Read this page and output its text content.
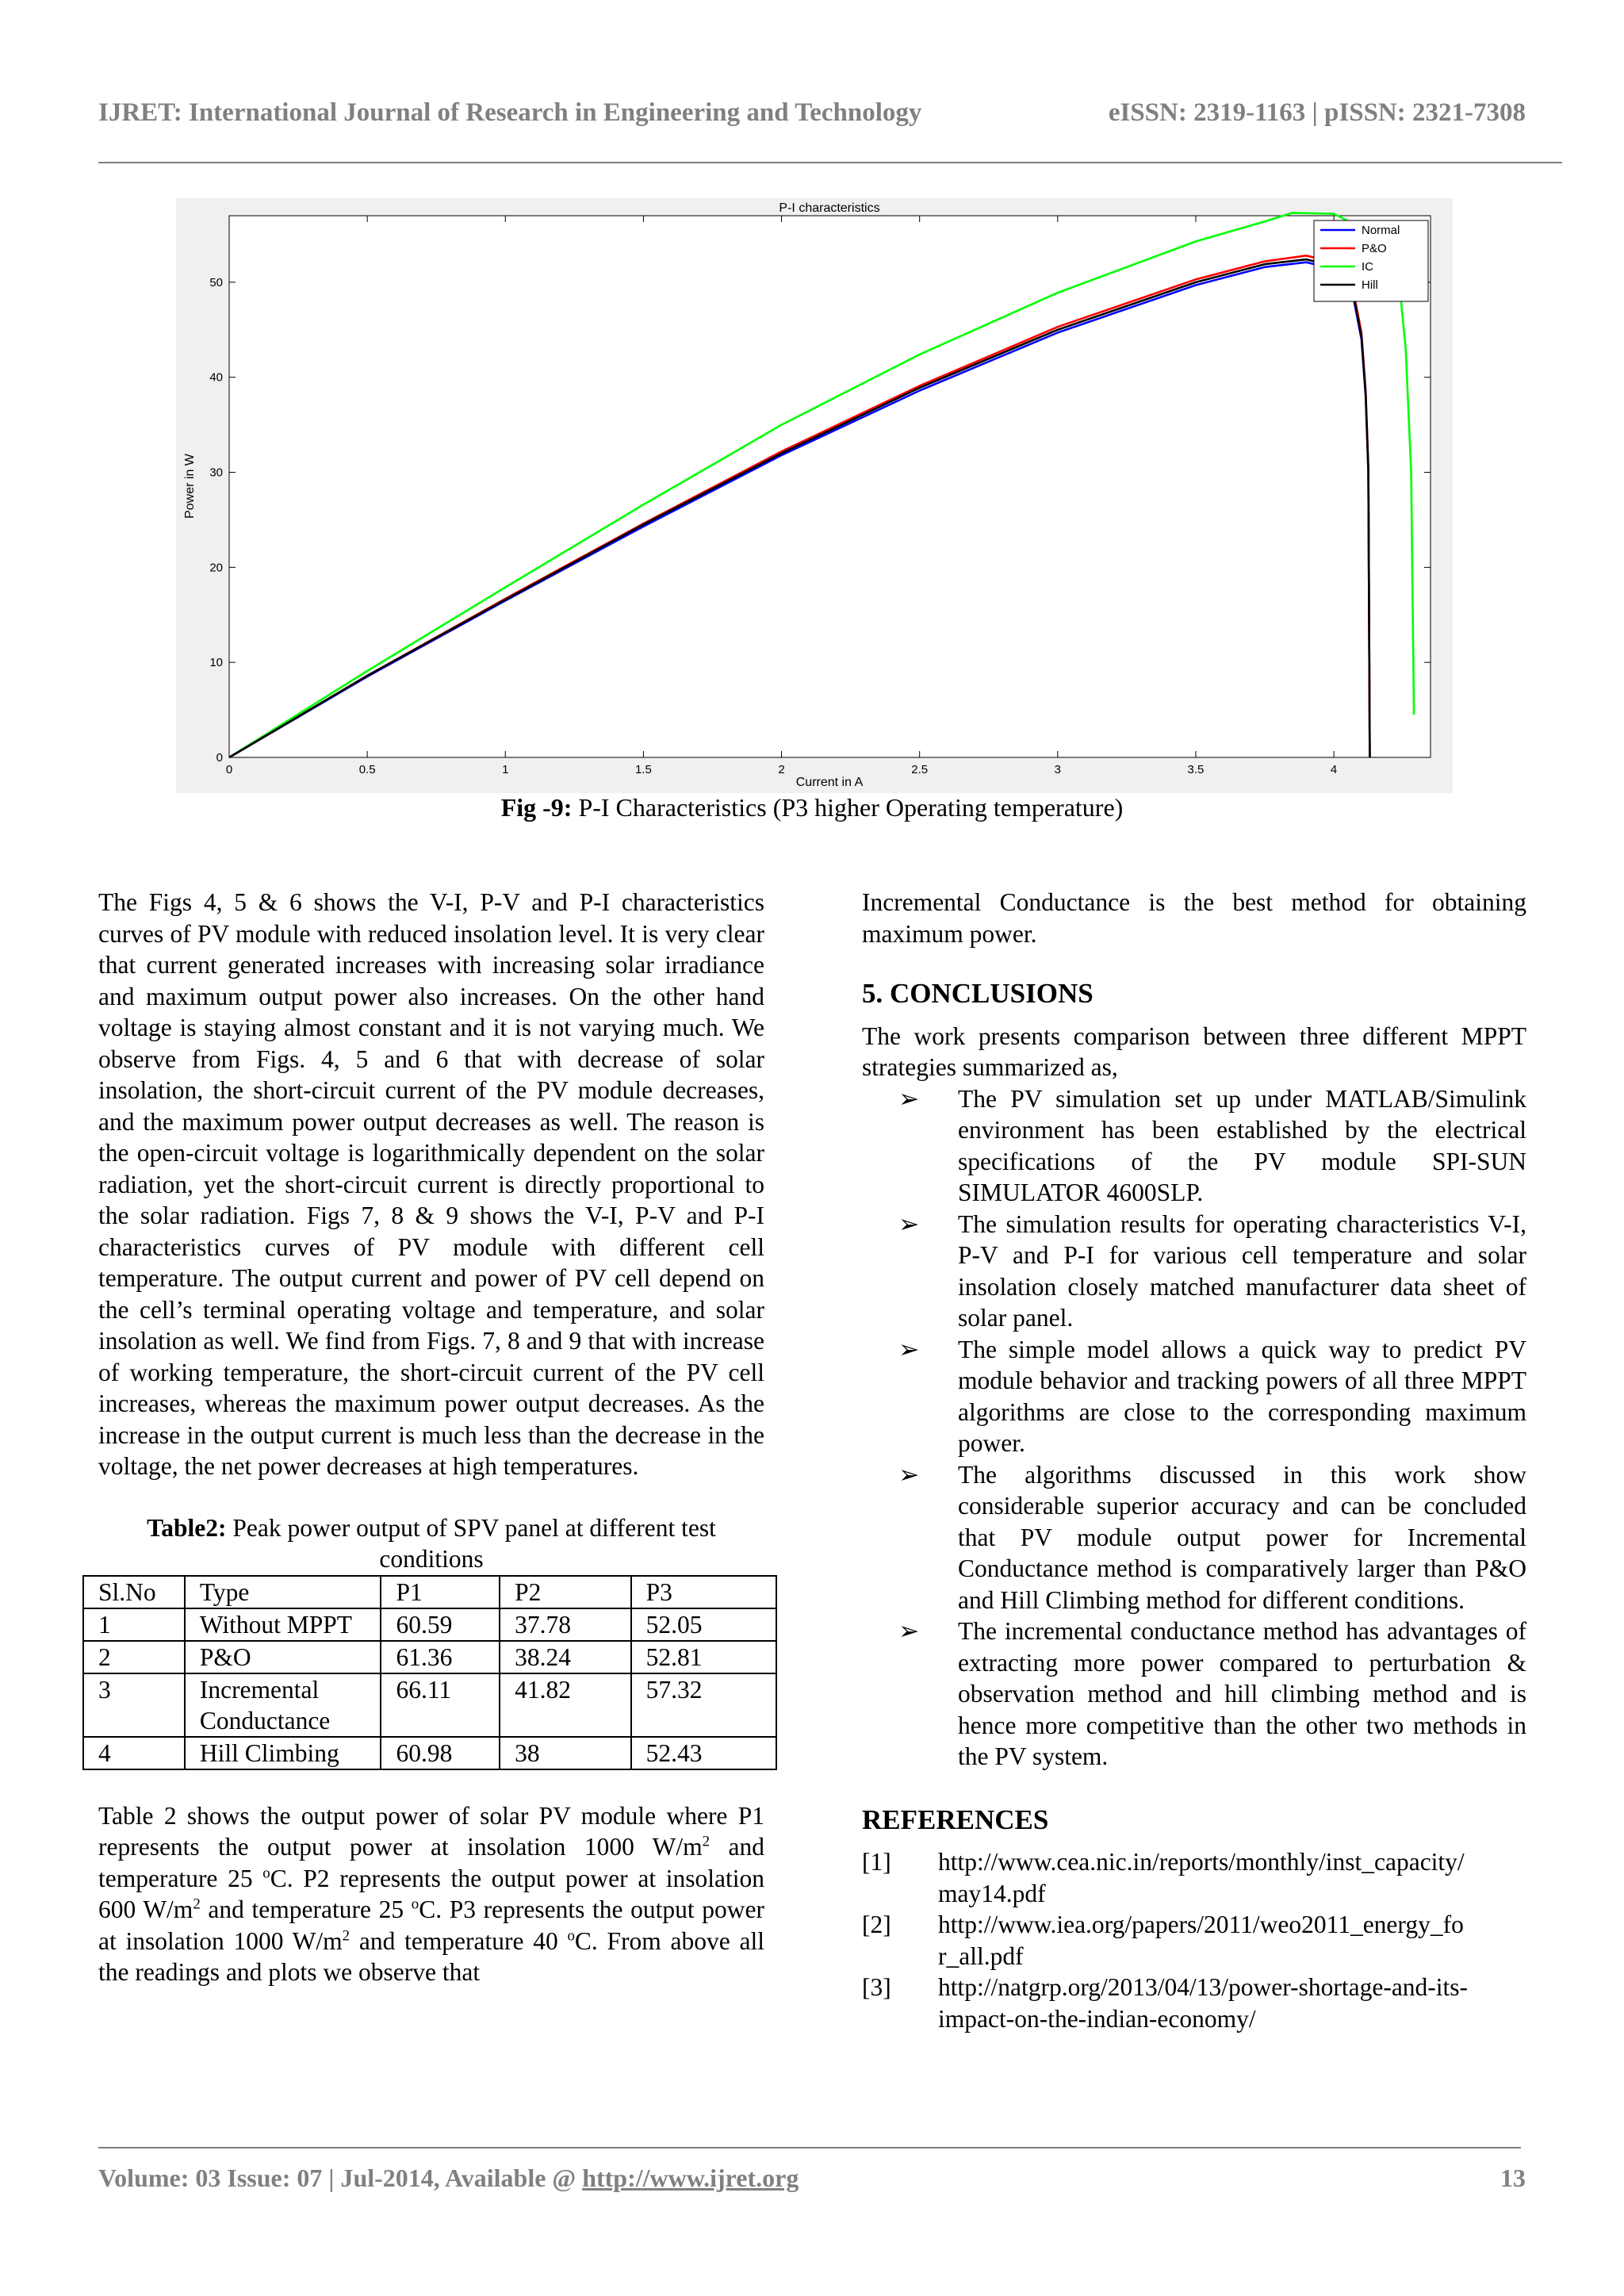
IJRET: International Journal of Research in Engineering and Technology	eISSN: 2319-1163 | pISSN: 2321-7308
P-I characteristics
Current in A
Power in W
0	0.5	1	1.5	2	2.5	3	3.5	4
0
10
20
30
40
50
Normal
P&O
IC
Hill
Fig -9: P-I Characteristics (P3 higher Operating temperature)

The Figs 4, 5 & 6 shows the V-I, P-V and P-I characteristics curves of PV module with reduced insolation level. It is very clear that current generated increases with increasing solar irradiance and maximum output power also increases. On the other hand voltage is staying almost constant and it is not varying much. We observe from Figs. 4, 5 and 6 that with decrease of solar insolation, the short-circuit current of the PV module decreases, and the maximum power output decreases as well. The reason is the open-circuit voltage is logarithmically dependent on the solar radiation, yet the short-circuit current is directly proportional to the solar radiation. Figs 7, 8 & 9 shows the V-I, P-V and P-I characteristics curves of PV module with different cell temperature. The output current and power of PV cell depend on the cell’s terminal operating voltage and temperature, and solar insolation as well. We find from Figs. 7, 8 and 9 that with increase of working temperature, the short-circuit current of the PV cell increases, whereas the maximum power output decreases. As the increase in the output current is much less than the decrease in the voltage, the net power decreases at high temperatures.

Table2: Peak power output of SPV panel at different test conditions
Sl.No	Type	P1	P2	P3
1	Without MPPT	60.59	37.78	52.05
2	P&O	61.36	38.24	52.81
3	Incremental Conductance	66.11	41.82	57.32
4	Hill Climbing	60.98	38	52.43

Table 2 shows the output power of solar PV module where P1 represents the output power at insolation 1000 $W/m^2$ and temperature 25 $^o$C. P2 represents the output power at insolation 600 $W/m^2$ and temperature 25 $^o$C. P3 represents the output power at insolation 1000 $W/m^2$ and temperature 40 $^o$C. From above all the readings and plots we observe that

Incremental Conductance is the best method for obtaining maximum power.

5. CONCLUSIONS

The work presents comparison between three different MPPT strategies summarized as,

➢ The PV simulation set up under MATLAB/Simulink environment has been established by the electrical specifications of the PV module SPI-SUN SIMULATOR 4600SLP.
➢ The simulation results for operating characteristics V-I, P-V and P-I for various cell temperature and solar insolation closely matched manufacturer data sheet of solar panel.
➢ The simple model allows a quick way to predict PV module behavior and tracking powers of all three MPPT algorithms are close to the corresponding maximum power.
➢ The algorithms discussed in this work show considerable superior accuracy and can be concluded that PV module output power for Incremental Conductance method is comparatively larger than P&O and Hill Climbing method for different conditions.
➢ The incremental conductance method has advantages of extracting more power compared to perturbation & observation method and hill climbing method and is hence more competitive than the other two methods in the PV system.
REFERENCES
[1] http://www.cea.nic.in/reports/monthly/inst_capacity/
may14.pdf
[2] http://www.iea.org/papers/2011/weo2011_energy_fo
r_all.pdf
[3] http://natgrp.org/2013/04/13/power-shortage-and-its-
impact-on-the-indian-economy/
Volume: 03 Issue: 07 | Jul-2014, Available @ http://www.ijret.org	13
